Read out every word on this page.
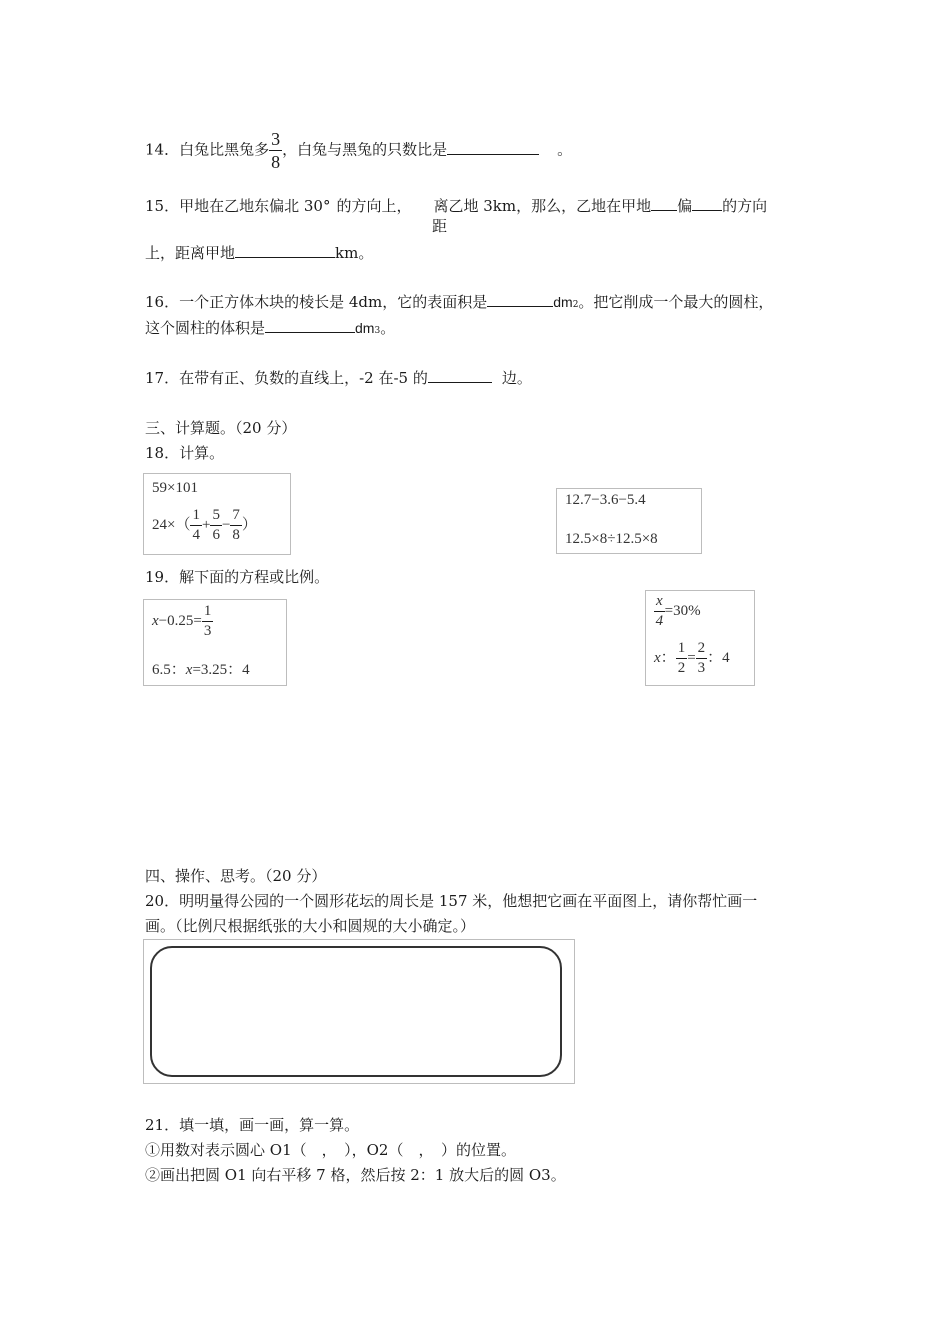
14．白兔比黑兔多 $\frac{3}{8}$ ，白兔与黑兔的只数比是	。
15．甲地在乙地东偏北 30° 的方向上， 离乙地 3km，那么，乙地在甲地 偏 的方向
距
上，距离甲地	km。
16．一个正方体木块的棱长是 4dm，它的表面积是	dm2。把它削成一个最大的圆柱，
这个圆柱的体积是	dm3。
17．在带有正、负数的直线上，-2 在-5 的	边。
三、计算题。（20 分）
18．计算。
59×101
$24\times( \frac{1}{4} + \frac{5}{6} - \frac{7}{8}$ ）
12.7−3.6−5.4
12.5×8÷12.5×8
19．解下面的方程或比例。
$x-0.25= \frac{1}{3}$
6.5：x=3.25：4
$\frac{x}{4} =30\%$
x： $\frac{1}{2} = \frac{2}{3}$ ：4
四、操作、思考。（20 分）
20．明明量得公园的一个圆形花坛的周长是 157 米，他想把它画在平面图上，请你帮忙画一
画。（比例尺根据纸张的大小和圆规的大小确定。）
21．填一填，画一画，算一算。
①用数对表示圆心 O1（　，　），O2（　，　）的位置。
②画出把圆 O1 向右平移 7 格，然后按 2：1 放大后的圆 O3。
